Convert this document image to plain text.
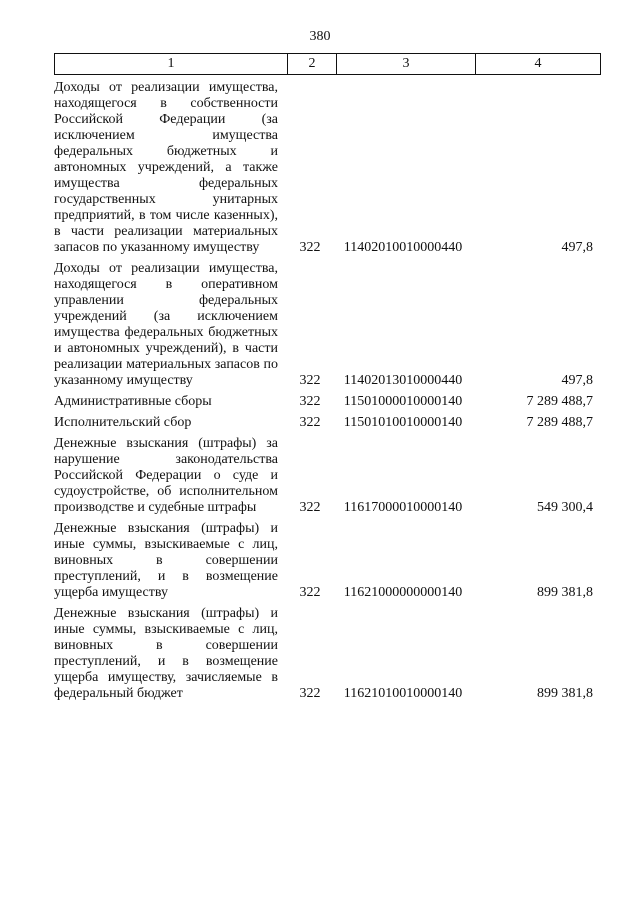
380
1	2	3	4
Доходы от реализации имущества, находящегося в собственности Российской Федерации (за исключением имущества федеральных бюджетных и автономных учреждений, а также имущества федеральных государственных унитарных предприятий, в том числе казенных), в части реализации материальных запасов по указанному имуществу	322	11402010010000440	497,8
Доходы от реализации имущества, находящегося в оперативном управлении федеральных учреждений (за исключением имущества федеральных бюджетных и автономных учреждений), в части реализации материальных запасов по указанному имуществу	322	11402013010000440	497,8
Административные сборы	322	11501000010000140	7 289 488,7
Исполнительский сбор	322	11501010010000140	7 289 488,7
Денежные взыскания (штрафы) за нарушение законодательства Российской Федерации о суде и судоустройстве, об исполнительном производстве и судебные штрафы	322	11617000010000140	549 300,4
Денежные взыскания (штрафы) и иные суммы, взыскиваемые с лиц, виновных в совершении преступлений, и в возмещение ущерба имуществу	322	11621000000000140	899 381,8
Денежные взыскания (штрафы) и иные суммы, взыскиваемые с лиц, виновных в совершении преступлений, и в возмещение ущерба имуществу, зачисляемые в федеральный бюджет	322	11621010010000140	899 381,8
